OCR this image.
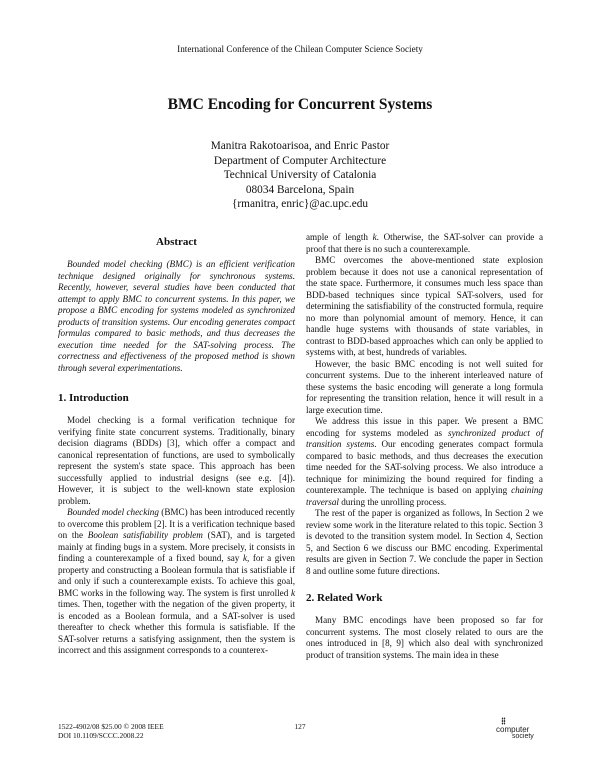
International Conference of the Chilean Computer Science Society
BMC Encoding for Concurrent Systems
Manitra Rakotoarisoa, and Enric Pastor
Department of Computer Architecture
Technical University of Catalonia
08034 Barcelona, Spain
{rmanitra, enric}@ac.upc.edu
Abstract

Bounded model checking (BMC) is an efficient verification technique designed originally for synchronous systems. Recently, however, several studies have been conducted that attempt to apply BMC to concurrent systems. In this paper, we propose a BMC encoding for systems modeled as synchronized products of transition systems. Our encoding generates compact formulas compared to basic methods, and thus decreases the execution time needed for the SAT-solving process. The correctness and effectiveness of the proposed method is shown through several experimentations.

1. Introduction

Model checking is a formal verification technique for verifying finite state concurrent systems. Traditionally, binary decision diagrams (BDDs) [3], which offer a compact and canonical representation of functions, are used to symbolically represent the system's state space. This approach has been successfully applied to industrial designs (see e.g. [4]). However, it is subject to the well-known state explosion problem.

Bounded model checking (BMC) has been introduced recently to overcome this problem [2]. It is a verification technique based on the Boolean satisfiability problem (SAT), and is targeted mainly at finding bugs in a system. More precisely, it consists in finding a counterexample of a fixed bound, say k, for a given property and constructing a Boolean formula that is satisfiable if and only if such a counterexample exists. To achieve this goal, BMC works in the following way. The system is first unrolled k times. Then, together with the negation of the given property, it is encoded as a Boolean formula, and a SAT-solver is used thereafter to check whether this formula is satisfiable. If the SAT-solver returns a satisfying assignment, then the system is incorrect and this assignment corresponds to a counterex-

ample of length k. Otherwise, the SAT-solver can provide a proof that there is no such a counterexample.

BMC overcomes the above-mentioned state explosion problem because it does not use a canonical representation of the state space. Furthermore, it consumes much less space than BDD-based techniques since typical SAT-solvers, used for determining the satisfiability of the constructed formula, require no more than polynomial amount of memory. Hence, it can handle huge systems with thousands of state variables, in contrast to BDD-based approaches which can only be applied to systems with, at best, hundreds of variables.

However, the basic BMC encoding is not well suited for concurrent systems. Due to the inherent interleaved nature of these systems the basic encoding will generate a long formula for representing the transition relation, hence it will result in a large execution time.

We address this issue in this paper. We present a BMC encoding for systems modeled as synchronized product of transition systems. Our encoding generates compact formula compared to basic methods, and thus decreases the execution time needed for the SAT-solving process. We also introduce a technique for minimizing the bound required for finding a counterexample. The technique is based on applying chaining traversal during the unrolling process.

The rest of the paper is organized as follows, In Section 2 we review some work in the literature related to this topic. Section 3 is devoted to the transition system model. In Section 4, Section 5, and Section 6 we discuss our BMC encoding. Experimental results are given in Section 7. We conclude the paper in Section 8 and outline some future directions.

2. Related Work

Many BMC encodings have been proposed so far for concurrent systems. The most closely related to ours are the ones introduced in [8, 9] which also deal with synchronized product of transition systems. The main idea in these

1522-4902/08 $25.00 © 2008 IEEE
DOI 10.1109/SCCC.2008.22
127
⁞⁞
computer
society
